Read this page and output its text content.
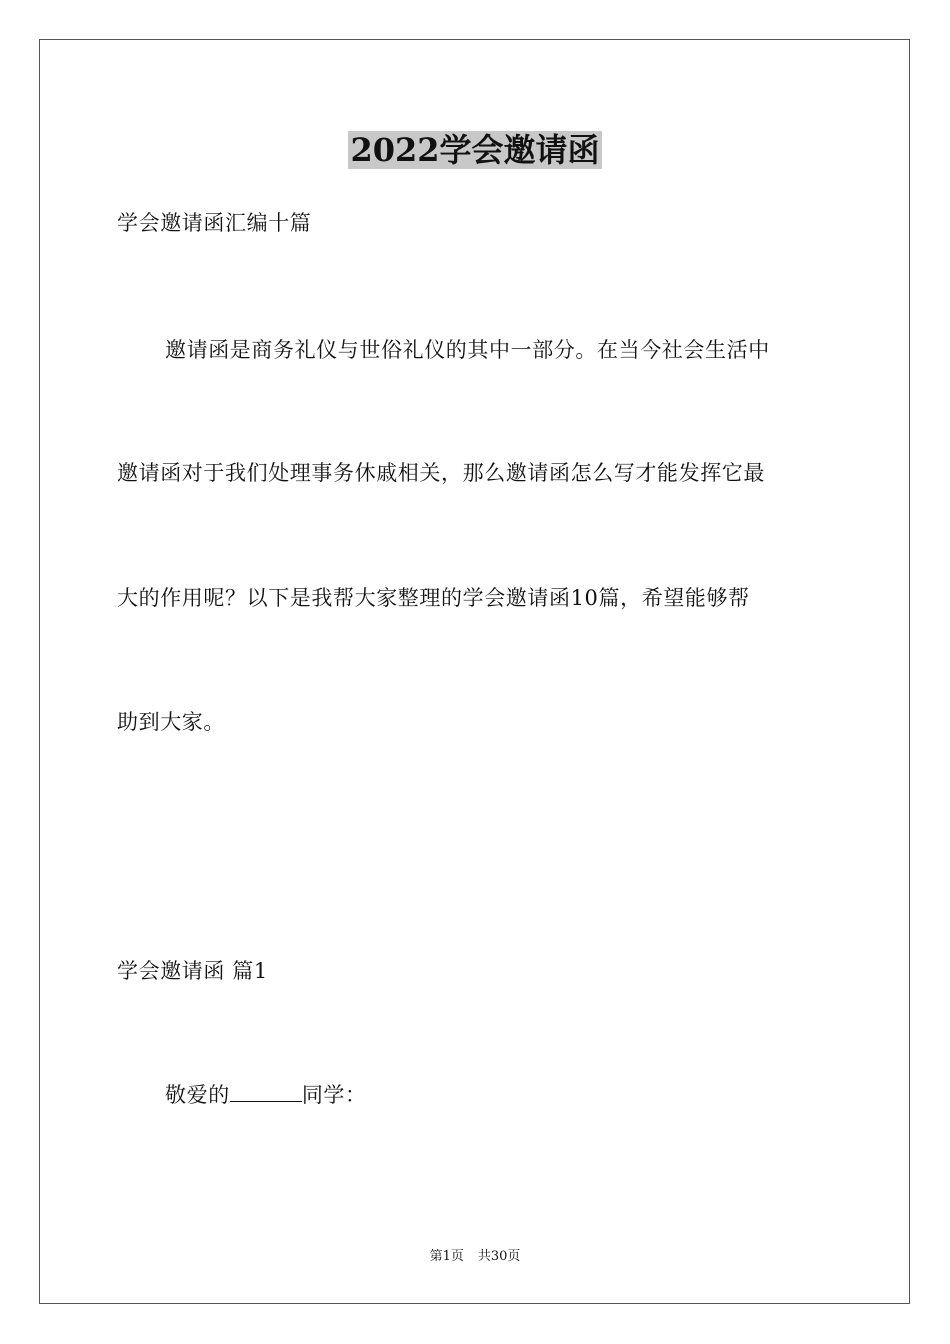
2022学会邀请函
学会邀请函汇编十篇
邀请函是商务礼仪与世俗礼仪的其中一部分。在当今社会生活中
邀请函对于我们处理事务休戚相关，那么邀请函怎么写才能发挥它最
大的作用呢？以下是我帮大家整理的学会邀请函10篇，希望能够帮
助到大家。
学会邀请函 篇1
敬爱的	同学：
第1页 共30页
